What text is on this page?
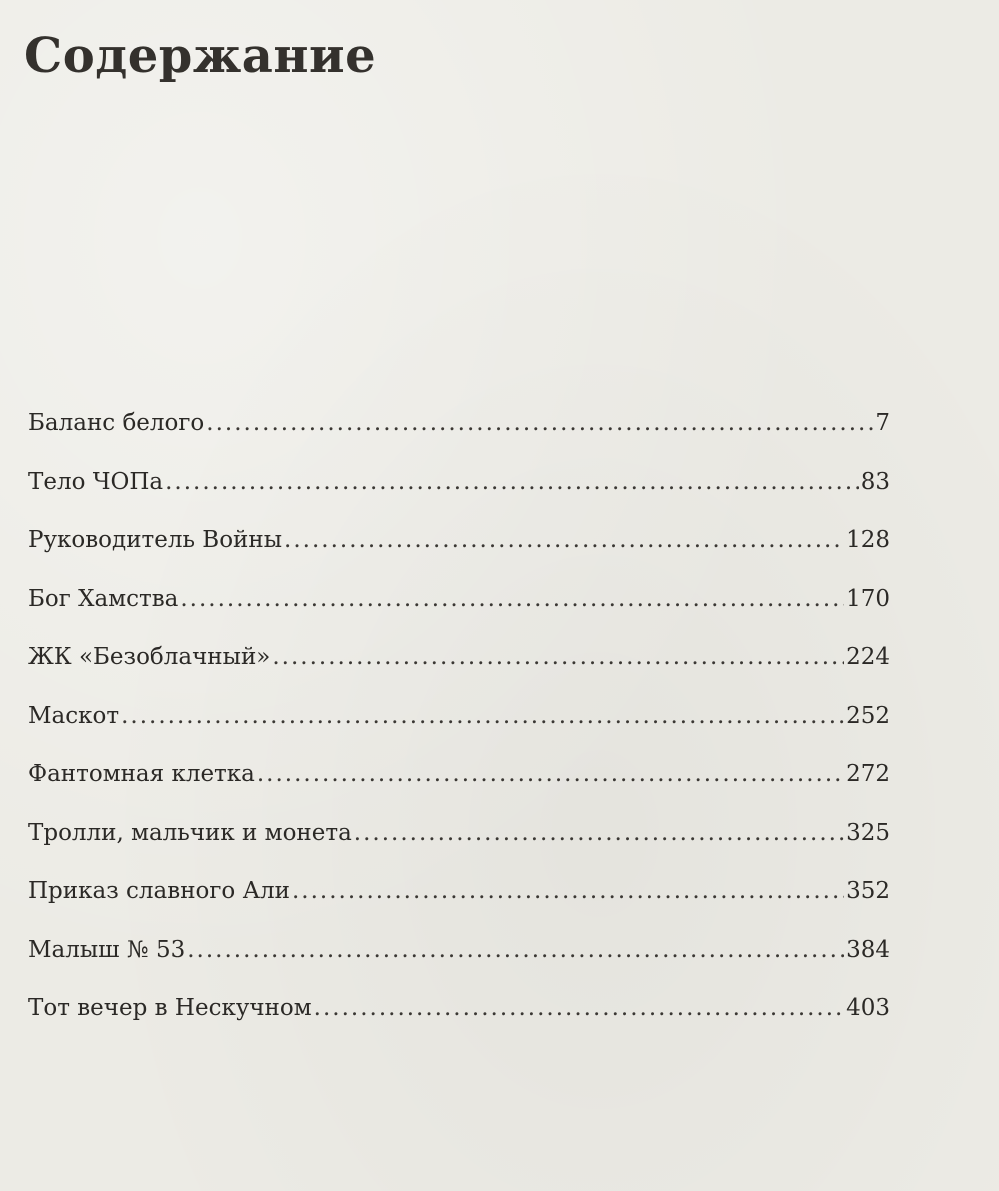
Содержание
Баланс белого .....	7
Тело ЧОПа .....	83
Руководитель Войны .....	128
Бог Хамства .....	170
ЖК «Безоблачный» .....	224
Маскот .....	252
Фантомная клетка .....	272
Тролли, мальчик и монета .....	325
Приказ славного Али .....	352
Малыш № 53 .....	384
Тот вечер в Нескучном .....	403
